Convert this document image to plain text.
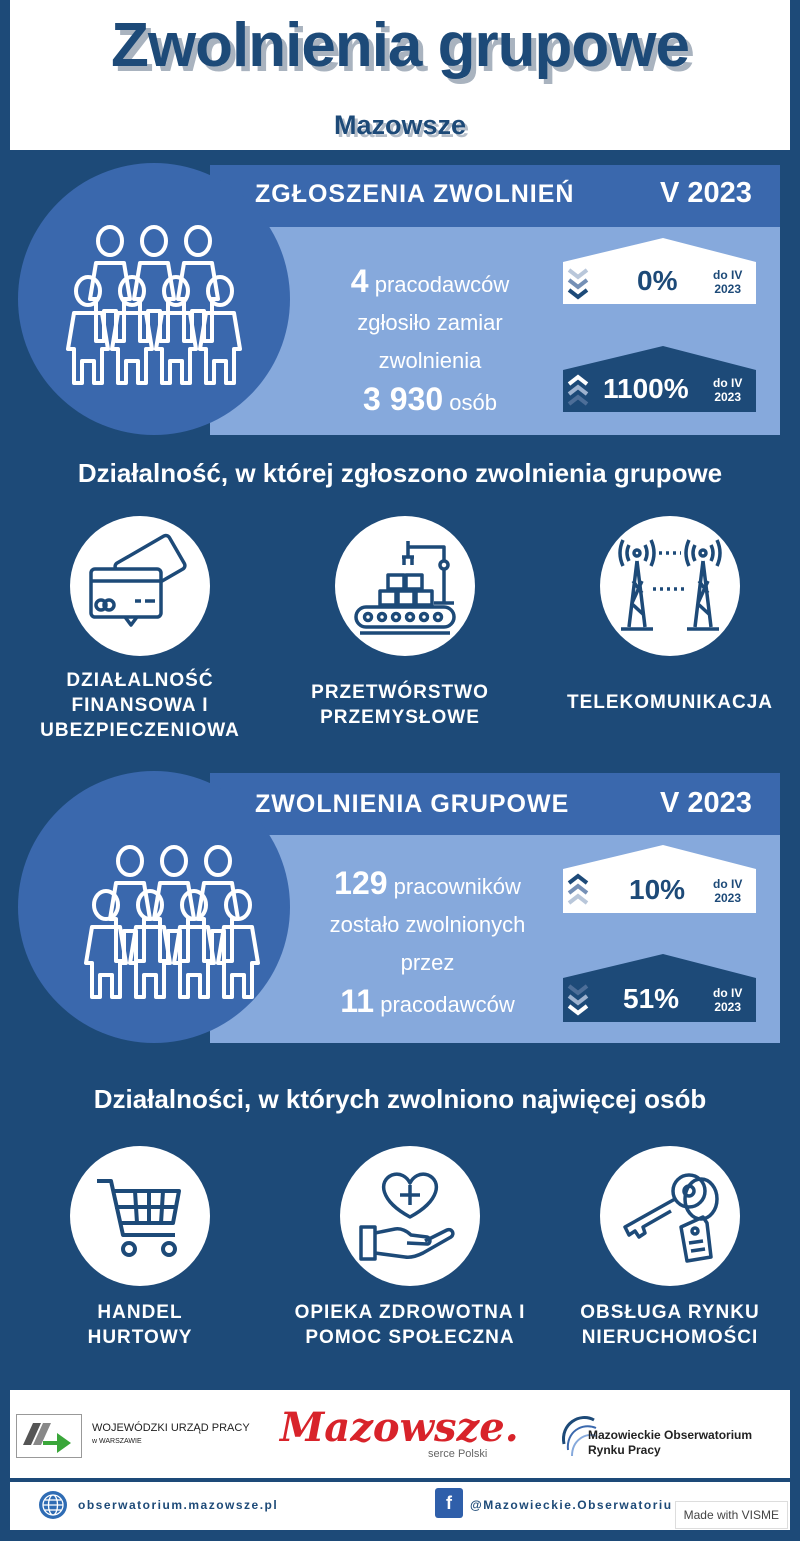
Zwolnienia grupowe
Mazowsze
ZGŁOSZENIA ZWOLNIEŃ	V 2023
4 pracodawców
zgłosiło zamiar
zwolnienia
3 930 osób
0%	do IV
2023
1100% do IV
2023
Działalność, w której zgłoszono zwolnienia grupowe
DZIAŁALNOŚĆ
FINANSOWA I
UBEZPIECZENIOWA
PRZETWÓRSTWO
PRZEMYSŁOWE
TELEKOMUNIKACJA
ZWOLNIENIA GRUPOWE	V 2023
129 pracowników
zostało zwolnionych
przez
11 pracodawców
10% do IV
2023
51%	do IV
2023
Działalności, w których zwolniono najwięcej osób
HANDEL
HURTOWY
OPIEKA ZDROWOTNA I
POMOC SPOŁECZNA
OBSŁUGA RYNKU
NIERUCHOMOŚCI
WOJEWÓDZKI URZĄD PRACY
w WARSZAWIE	Mazowsze.
serce Polski
Mazowieckie Obserwatorium
Rynku Pracy
obserwatorium.mazowsze.pl	f	@Mazowieckie.Obserwatoriu
Made with VISME
